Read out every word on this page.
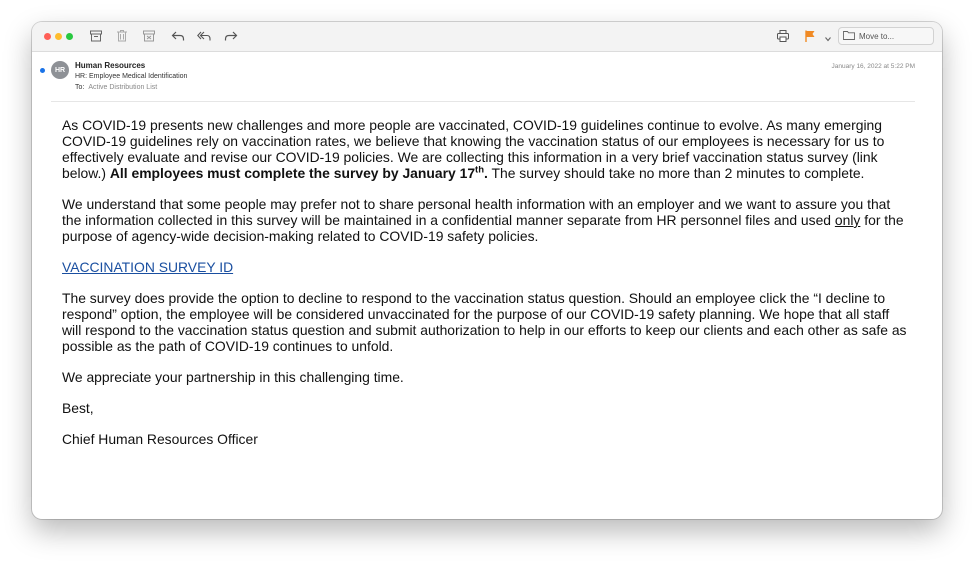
Move to...
HR	Human Resources
HR: Employee Medical Identification
To: Active Distribution List
January 16, 2022 at 5:22 PM

As COVID-19 presents new challenges and more people are vaccinated, COVID-19 guidelines continue to evolve. As many emerging COVID-19 guidelines rely on vaccination rates, we believe that knowing the vaccination status of our employees is necessary for us to effectively evaluate and revise our COVID-19 policies. We are collecting this information in a very brief vaccination status survey (link below.) All employees must complete the survey by January 17th. The survey should take no more than 2 minutes to complete.

We understand that some people may prefer not to share personal health information with an employer and we want to assure you that the information collected in this survey will be maintained in a confidential manner separate from HR personnel files and used only for the purpose of agency-wide decision-making related to COVID-19 safety policies.

VACCINATION SURVEY ID

The survey does provide the option to decline to respond to the vaccination status question. Should an employee click the “I decline to respond” option, the employee will be considered unvaccinated for the purpose of our COVID-19 safety planning. We hope that all staff will respond to the vaccination status question and submit authorization to help in our efforts to keep our clients and each other as safe as possible as the path of COVID-19 continues to unfold.

We appreciate your partnership in this challenging time.

Best,

Chief Human Resources Officer
